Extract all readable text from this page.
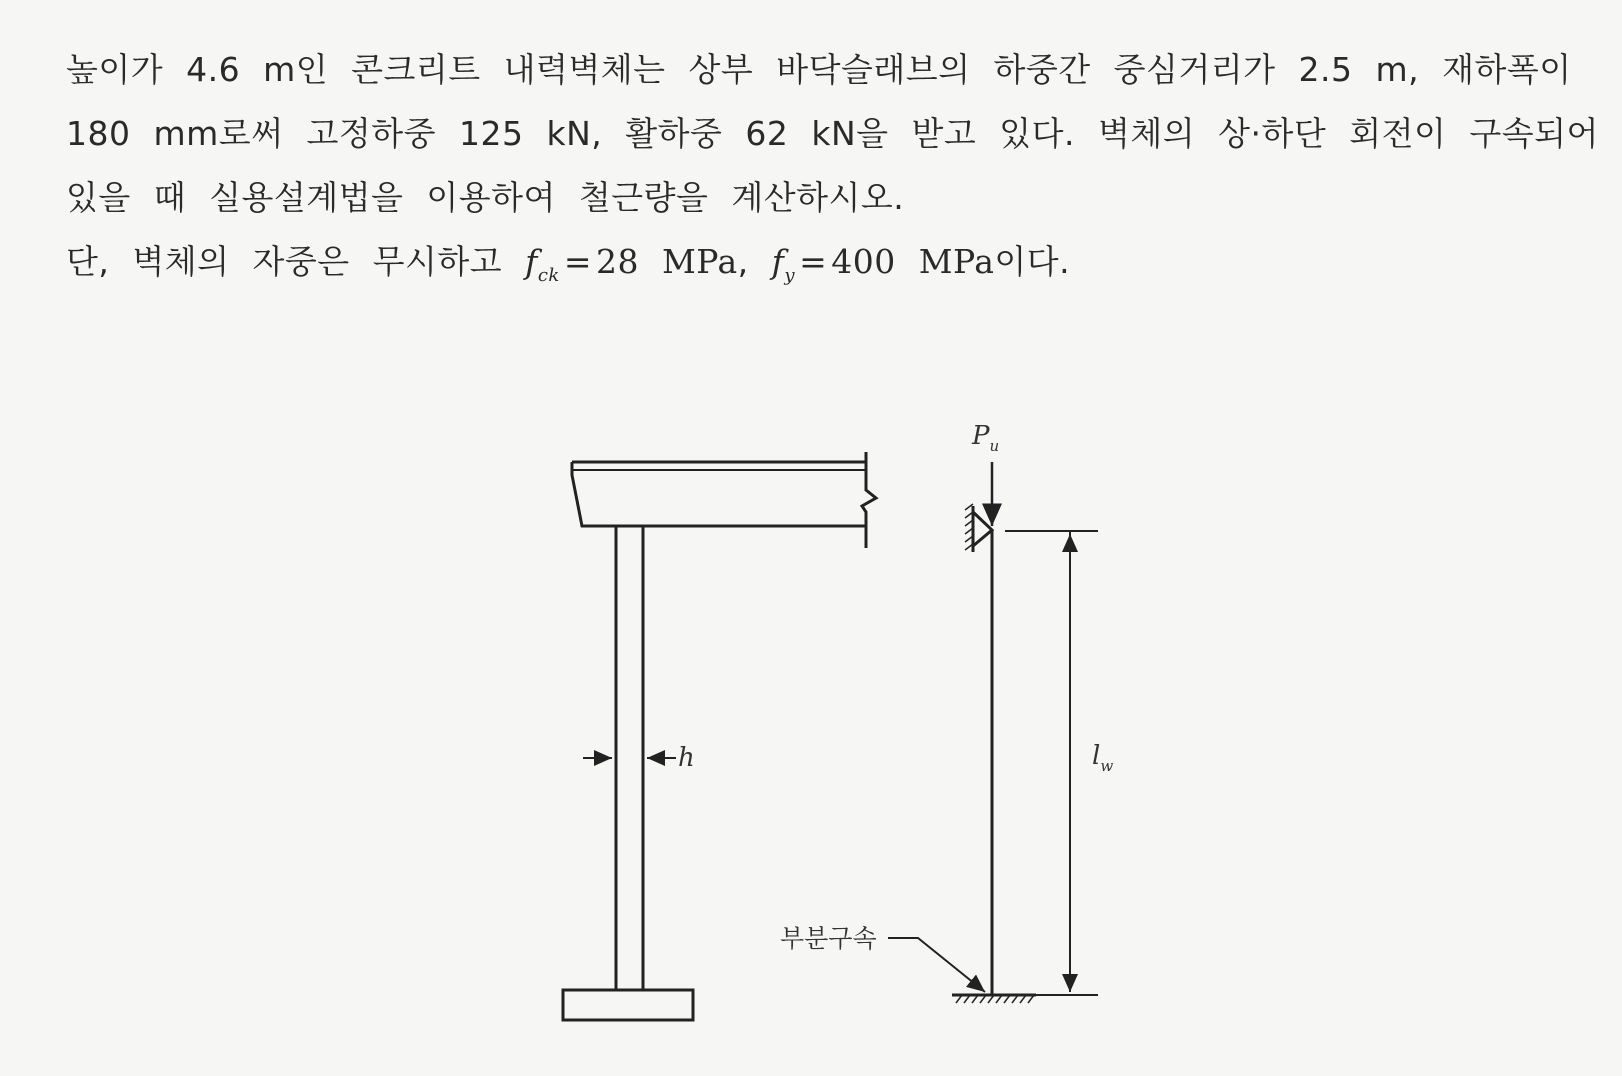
높이가 4.6 m인 콘크리트 내력벽체는 상부 바닥슬래브의 하중간 중심거리가 2.5 m, 재하폭이
180 mm로써 고정하중 125 kN, 활하중 62 kN을 받고 있다. 벽체의 상·하단 회전이 구속되어
있을 때 실용설계법을 이용하여 철근량을 계산하시오.
단, 벽체의 자중은 무시하고 $f_{ck} = 28$ MPa, $f_y = 400$ MPa이다.
h
$P_u$
$l_w$
부분구속
